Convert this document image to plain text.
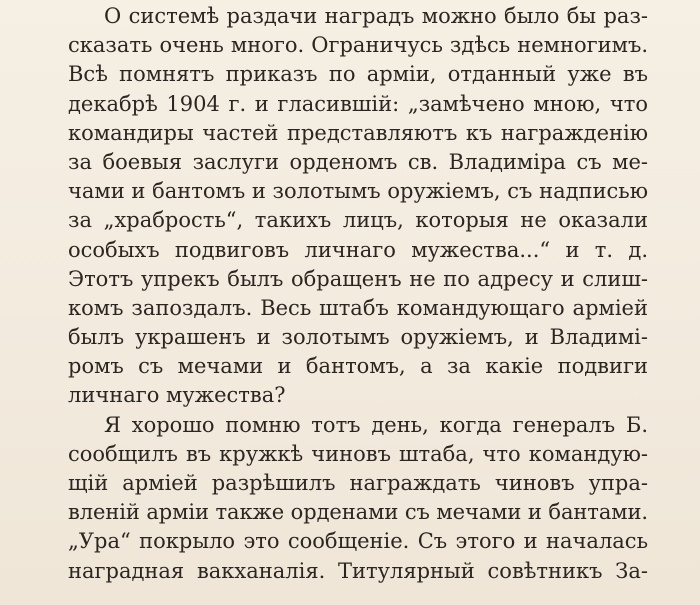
О системѣ раздачи наградъ можно было бы раз-
сказать очень много. Ограничусь здѣсь немногимъ.
Всѣ помнятъ приказъ по арміи, отданный уже въ
декабрѣ 1904 г. и гласившій: „замѣчено мною, что
командиры частей представляютъ къ награжденію
за боевыя заслуги орденомъ св. Владиміра съ ме-
чами и бантомъ и золотымъ оружіемъ, съ надписью
за „храбрость“, такихъ лицъ, которыя не оказали
особыхъ подвиговъ личнаго мужества...“ и т. д.
Этотъ упрекъ былъ обращенъ не по адресу и слиш-
комъ запоздалъ. Весь штабъ командующаго арміей
былъ украшенъ и золотымъ оружіемъ, и Владимі-
ромъ съ мечами и бантомъ, а за какіе подвиги
личнаго мужества?
Я хорошо помню тотъ день, когда генералъ Б.
сообщилъ въ кружкѣ чиновъ штаба, что командую-
щій арміей разрѣшилъ награждать чиновъ упра-
вленій арміи также орденами съ мечами и бантами.
„Ура“ покрыло это сообщеніе. Съ этого и началась
наградная вакханалія. Титулярный совѣтникъ За-
